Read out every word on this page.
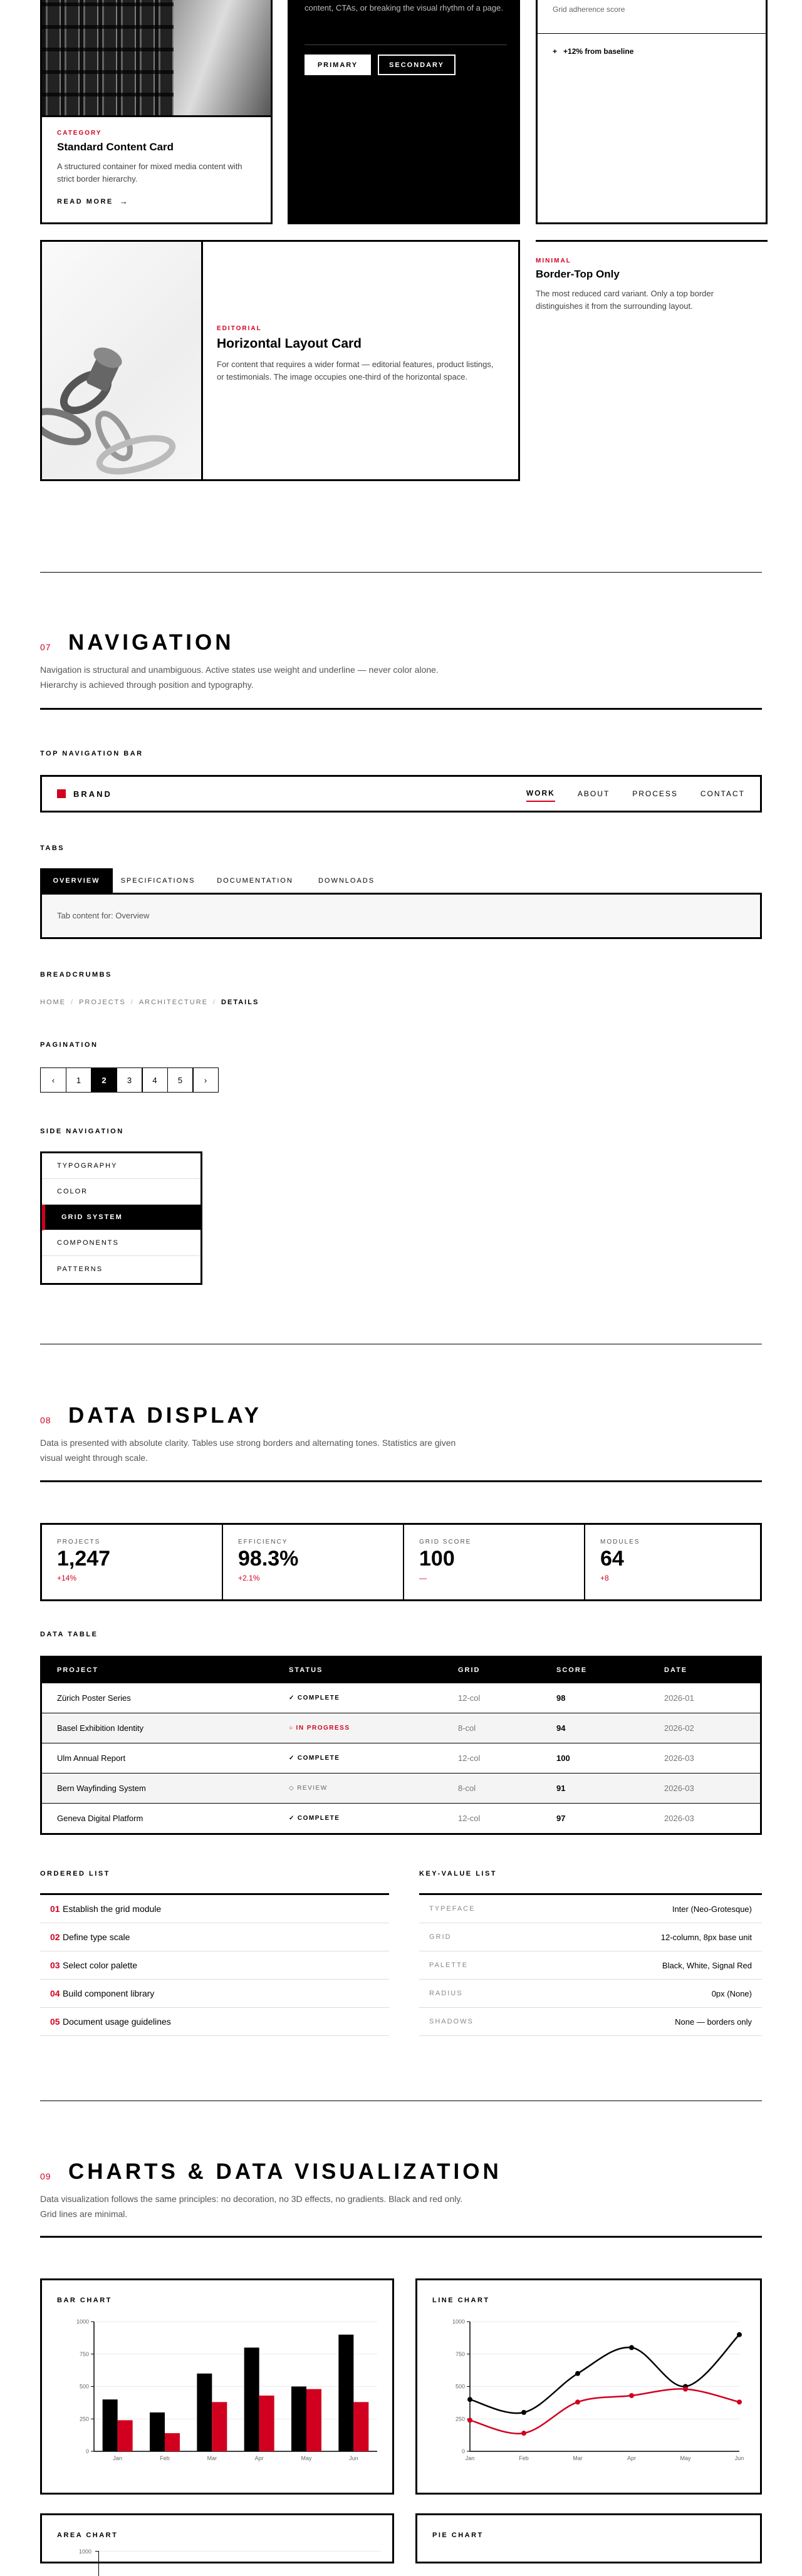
CATEGORY
Standard Content Card
A structured container for mixed media content with strict border hierarchy.
READ MORE →
content, CTAs, or breaking the visual rhythm of a page.
PRIMARY	SECONDARY
Grid adherence score
+ +12% from baseline
EDITORIAL
Horizontal Layout Card
For content that requires a wider format — editorial features, product listings, or testimonials. The image occupies one-third of the horizontal space.
MINIMAL
Border-Top Only
The most reduced card variant. Only a top border distinguishes it from the surrounding layout.
07 NAVIGATION
Navigation is structural and unambiguous. Active states use weight and underline — never color alone. Hierarchy is achieved through position and typography.
TOP NAVIGATION BAR
BRAND	WORK	ABOUT	PROCESS	CONTACT
TABS
OVERVIEW	SPECIFICATIONS	DOCUMENTATION	DOWNLOADS
Tab content for: Overview
BREADCRUMBS
HOME / PROJECTS / ARCHITECTURE / DETAILS
PAGINATION
‹	1	2	3	4	5	›
SIDE NAVIGATION
TYPOGRAPHY
COLOR
GRID SYSTEM
COMPONENTS
PATTERNS
08 DATA DISPLAY
Data is presented with absolute clarity. Tables use strong borders and alternating tones. Statistics are given visual weight through scale.
PROJECTS
1,247
+14%
EFFICIENCY
98.3%
+2.1%
GRID SCORE
100
—
MODULES
64
+8
DATA TABLE
PROJECT	STATUS	GRID	SCORE	DATE
Zürich Poster Series	✓ COMPLETE	12-col	98	2026-01
Basel Exhibition Identity	○ IN PROGRESS	8-col	94	2026-02
Ulm Annual Report	✓ COMPLETE	12-col	100	2026-03
Bern Wayfinding System	◇ REVIEW	8-col	91	2026-03
Geneva Digital Platform	✓ COMPLETE	12-col	97	2026-03
ORDERED LIST
01 Establish the grid module
02 Define type scale
03 Select color palette
04 Build component library
05 Document usage guidelines
KEY-VALUE LIST
TYPEFACE	Inter (Neo-Grotesque)
GRID	12-column, 8px base unit
PALETTE	Black, White, Signal Red
RADIUS	0px (None)
SHADOWS	None — borders only
09 CHARTS & DATA VISUALIZATION
Data visualization follows the same principles: no decoration, no 3D effects, no gradients. Black and red only. Grid lines are minimal.
BAR CHART
0
250
500
750
1000
Jan	Feb	Mar	Apr	May	Jun
LINE CHART
0
250
500
750
1000
Jan	Feb	Mar	Apr	May	Jun
AREA CHART
1000
PIE CHART
